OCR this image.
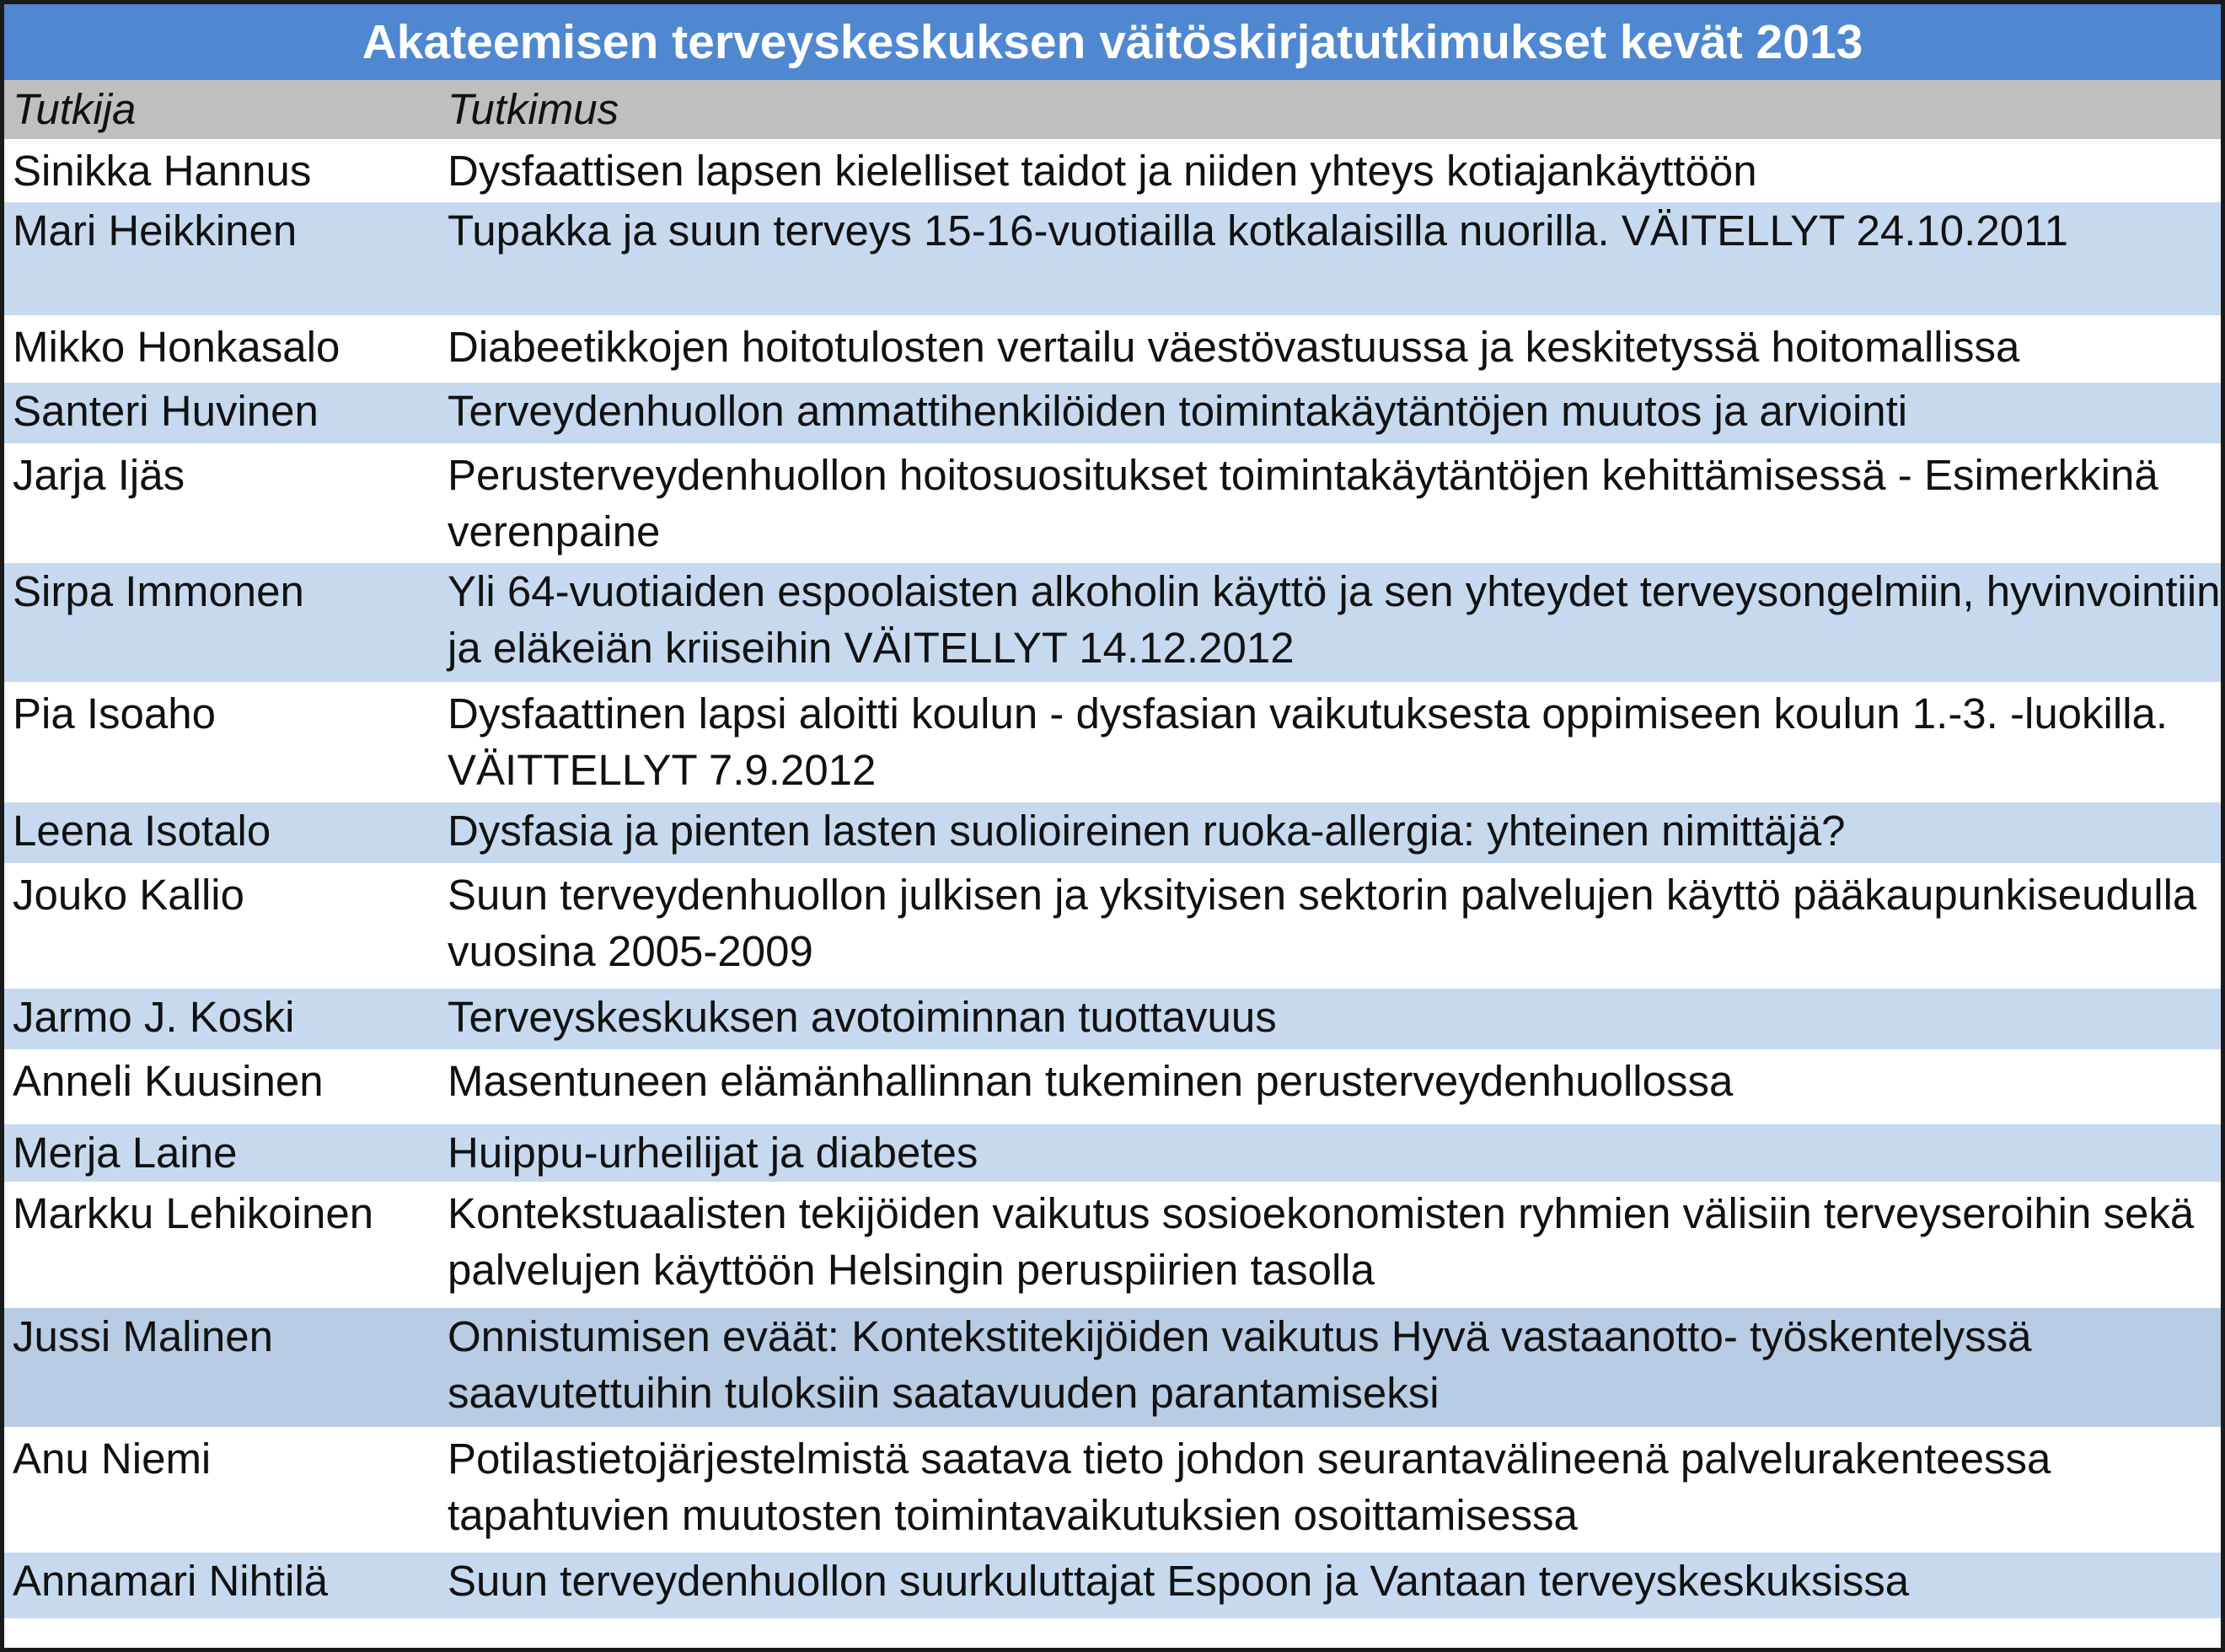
Akateemisen terveyskeskuksen väitöskirjatutkimukset kevät 2013
Tutkija	Tutkimus
Sinikka Hannus	Dysfaattisen lapsen kielelliset taidot ja niiden yhteys kotiajankäyttöön
Mari Heikkinen	Tupakka ja suun terveys 15-16-vuotiailla kotkalaisilla nuorilla. VÄITELLYT 24.10.2011
Mikko Honkasalo	Diabeetikkojen hoitotulosten vertailu väestövastuussa ja keskitetyssä hoitomallissa
Santeri Huvinen	Terveydenhuollon ammattihenkilöiden toimintakäytäntöjen muutos ja arviointi
Jarja Ijäs	Perusterveydenhuollon hoitosuositukset toimintakäytäntöjen kehittämisessä - Esimerkkinä verenpaine
Sirpa Immonen	Yli 64-vuotiaiden espoolaisten alkoholin käyttö ja sen yhteydet terveysongelmiin, hyvinvointiin ja eläkeiän kriiseihin VÄITELLYT 14.12.2012
Pia Isoaho	Dysfaattinen lapsi aloitti koulun - dysfasian vaikutuksesta oppimiseen koulun 1.-3. -luokilla. VÄITTELLYT 7.9.2012
Leena Isotalo	Dysfasia ja pienten lasten suolioireinen ruoka-allergia: yhteinen nimittäjä?
Jouko Kallio	Suun terveydenhuollon julkisen ja yksityisen sektorin palvelujen käyttö pääkaupunkiseudulla vuosina 2005-2009
Jarmo J. Koski	Terveyskeskuksen avotoiminnan tuottavuus
Anneli Kuusinen	Masentuneen elämänhallinnan tukeminen perusterveydenhuollossa
Merja Laine	Huippu-urheilijat ja diabetes
Markku Lehikoinen	Kontekstuaalisten tekijöiden vaikutus sosioekonomisten ryhmien välisiin terveyseroihin sekä palvelujen käyttöön Helsingin peruspiirien tasolla
Jussi Malinen	Onnistumisen eväät: Kontekstitekijöiden vaikutus Hyvä vastaanotto- työskentelyssä saavutettuihin tuloksiin saatavuuden parantamiseksi
Anu Niemi	Potilastietojärjestelmistä saatava tieto johdon seurantavälineenä palvelurakenteessa tapahtuvien muutosten toimintavaikutuksien osoittamisessa
Annamari Nihtilä	Suun terveydenhuollon suurkuluttajat Espoon ja Vantaan terveyskeskuksissa
